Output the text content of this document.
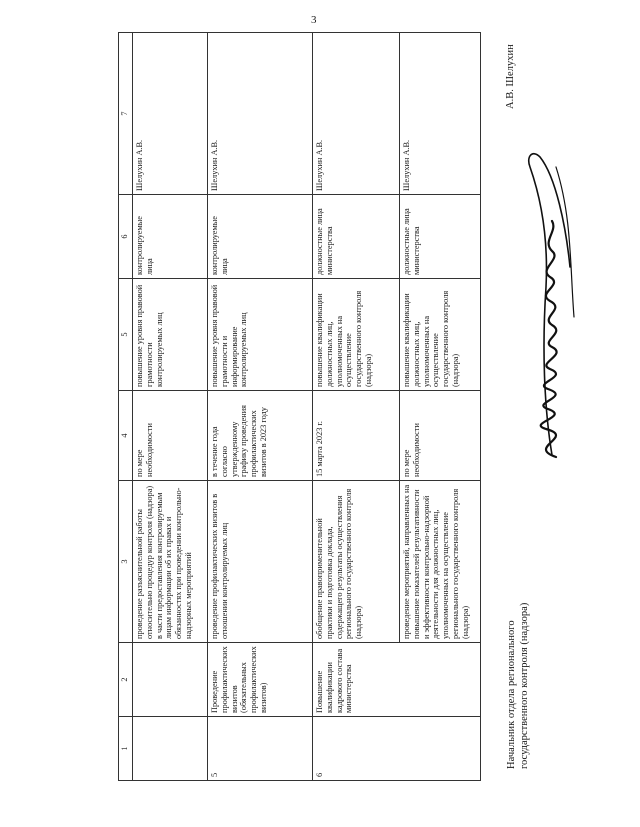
3
1	2	3	4	5	6	7
		проведение разъяснительной работы относительно процедур контроля (надзора) в части предоставления контролируемым лицам информации об их правах и обязанностях при проведении контрольно-надзорных мероприятий	по мере необходимости	повышение уровня правовой грамотности контролируемых лиц	контролируемые лица	Шелухин А.В.
5	Проведение профилактических визитов (обязательных профилактических визитов)	проведение профилактических визитов в отношении контролируемых лиц	в течение года согласно утвержденному графику проведения профилактических визитов в 2023 году	повышение уровня правовой грамотности и информирование контролируемых лиц	контролируемые лица	Шелухин А.В.
6	Повышение квалификации кадрового состава министерства	обобщение правоприменительной практики и подготовка доклада, содержащего результаты осуществления регионального государственного контроля (надзора)	15 марта 2023 г.	повышение квалификации должностных лиц, уполномоченных на осуществление государственного контроля (надзора)	должностные лица министерства	Шелухин А.В.
		проведение мероприятий, направленных на повышение показателей результативности и эффективности контрольно-надзорной деятельности для должностных лиц, уполномоченных на осуществление регионального государственного контроля (надзора)	по мере необходимости	повышение квалификации должностных лиц, уполномоченных на осуществление государственного контроля (надзора)	должностные лица министерства	Шелухин А.В.
Начальник отдела регионального государственного контроля (надзора)
А.В. Шелухин
